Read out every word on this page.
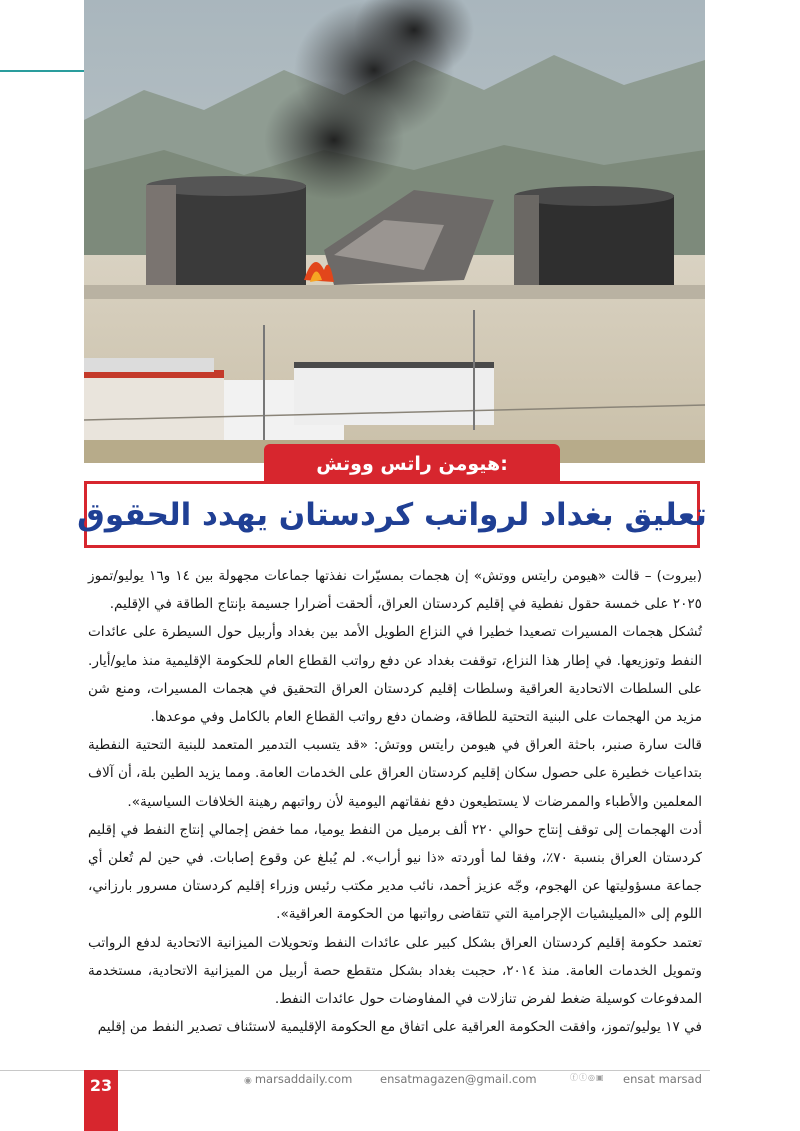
هيومن راتس ووتش:
تعليق بغداد لرواتب كردستان يهدد الحقوق

(بيروت) – قالت «هيومن رايتس ووتش» إن هجمات بمسيّرات نفذتها جماعات مجهولة بين ١٤ و١٦ يوليو/تموز ٢٠٢٥ على خمسة حقول نفطية في إقليم كردستان العراق، ألحقت أضرارا جسيمة بإنتاج الطاقة في الإقليم.

تُشكل هجمات المسيرات تصعيدا خطيرا في النزاع الطويل الأمد بين بغداد وأربيل حول السيطرة على عائدات النفط وتوزيعها. في إطار هذا النزاع، توقفت بغداد عن دفع رواتب القطاع العام للحكومة الإقليمية منذ مايو/أيار. على السلطات الاتحادية العراقية وسلطات إقليم كردستان العراق التحقيق في هجمات المسيرات، ومنع شن مزيد من الهجمات على البنية التحتية للطاقة، وضمان دفع رواتب القطاع العام بالكامل وفي موعدها.

قالت سارة صنبر، باحثة العراق في هيومن رايتس ووتش: «قد يتسبب التدمير المتعمد للبنية التحتية النفطية بتداعيات خطيرة على حصول سكان إقليم كردستان العراق على الخدمات العامة. ومما يزيد الطين بلة، أن آلاف المعلمين والأطباء والممرضات لا يستطيعون دفع نفقاتهم اليومية لأن رواتبهم رهينة الخلافات السياسية».

أدت الهجمات إلى توقف إنتاج حوالي ٢٢٠ ألف برميل من النفط يوميا، مما خفض إجمالي إنتاج النفط في إقليم كردستان العراق بنسبة ٧٠٪، وفقا لما أوردته «ذا نيو أراب». لم يُبلغ عن وقوع إصابات. في حين لم تُعلن أي جماعة مسؤوليتها عن الهجوم، وجّه عزيز أحمد، نائب مدير مكتب رئيس وزراء إقليم كردستان مسرور بارزاني، اللوم إلى «الميليشيات الإجرامية التي تتقاضى رواتبها من الحكومة العراقية».

تعتمد حكومة إقليم كردستان العراق بشكل كبير على عائدات النفط وتحويلات الميزانية الاتحادية لدفع الرواتب وتمويل الخدمات العامة. منذ ٢٠١٤، حجبت بغداد بشكل متقطع حصة أربيل من الميزانية الاتحادية، مستخدمة المدفوعات كوسيلة ضغط لفرض تنازلات في المفاوضات حول عائدات النفط.

في ١٧ يوليو/تموز، وافقت الحكومة العراقية على اتفاق مع الحكومة الإقليمية لاستئناف تصدير النفط من إقليم

23	◉ marsaddaily.com ensatmagazen@gmail.com	ⓕⓣ◎▣ ensat marsad
